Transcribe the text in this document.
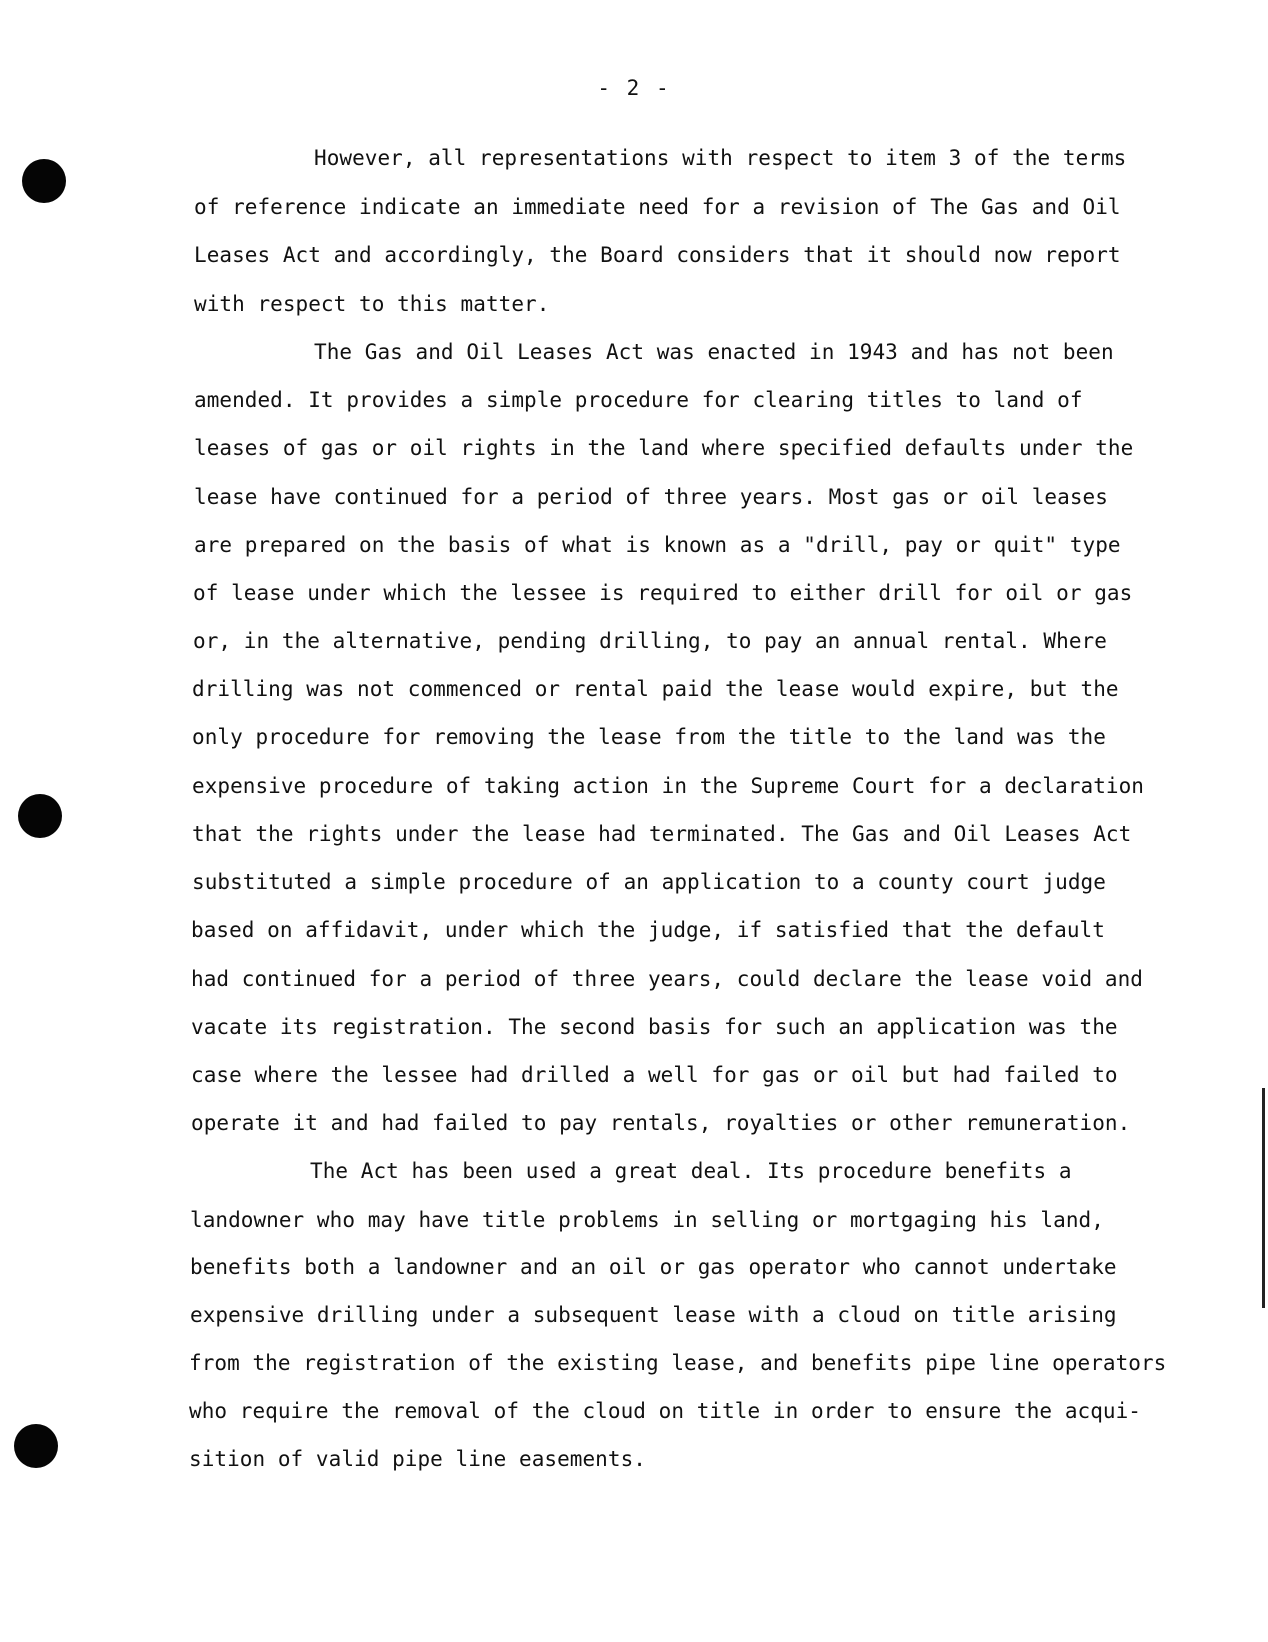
- 2 -
However, all representations with respect to item 3 of the terms
of reference indicate an immediate need for a revision of The Gas and Oil
Leases Act and accordingly, the Board considers that it should now report
with respect to this matter.
The Gas and Oil Leases Act was enacted in 1943 and has not been
amended. It provides a simple procedure for clearing titles to land of
leases of gas or oil rights in the land where specified defaults under the
lease have continued for a period of three years. Most gas or oil leases
are prepared on the basis of what is known as a "drill, pay or quit" type
of lease under which the lessee is required to either drill for oil or gas
or, in the alternative, pending drilling, to pay an annual rental. Where
drilling was not commenced or rental paid the lease would expire, but the
only procedure for removing the lease from the title to the land was the
expensive procedure of taking action in the Supreme Court for a declaration
that the rights under the lease had terminated. The Gas and Oil Leases Act
substituted a simple procedure of an application to a county court judge
based on affidavit, under which the judge, if satisfied that the default
had continued for a period of three years, could declare the lease void and
vacate its registration. The second basis for such an application was the
case where the lessee had drilled a well for gas or oil but had failed to
operate it and had failed to pay rentals, royalties or other remuneration.
The Act has been used a great deal. Its procedure benefits a
landowner who may have title problems in selling or mortgaging his land,
benefits both a landowner and an oil or gas operator who cannot undertake
expensive drilling under a subsequent lease with a cloud on title arising
from the registration of the existing lease, and benefits pipe line operators
who require the removal of the cloud on title in order to ensure the acqui-
sition of valid pipe line easements.
